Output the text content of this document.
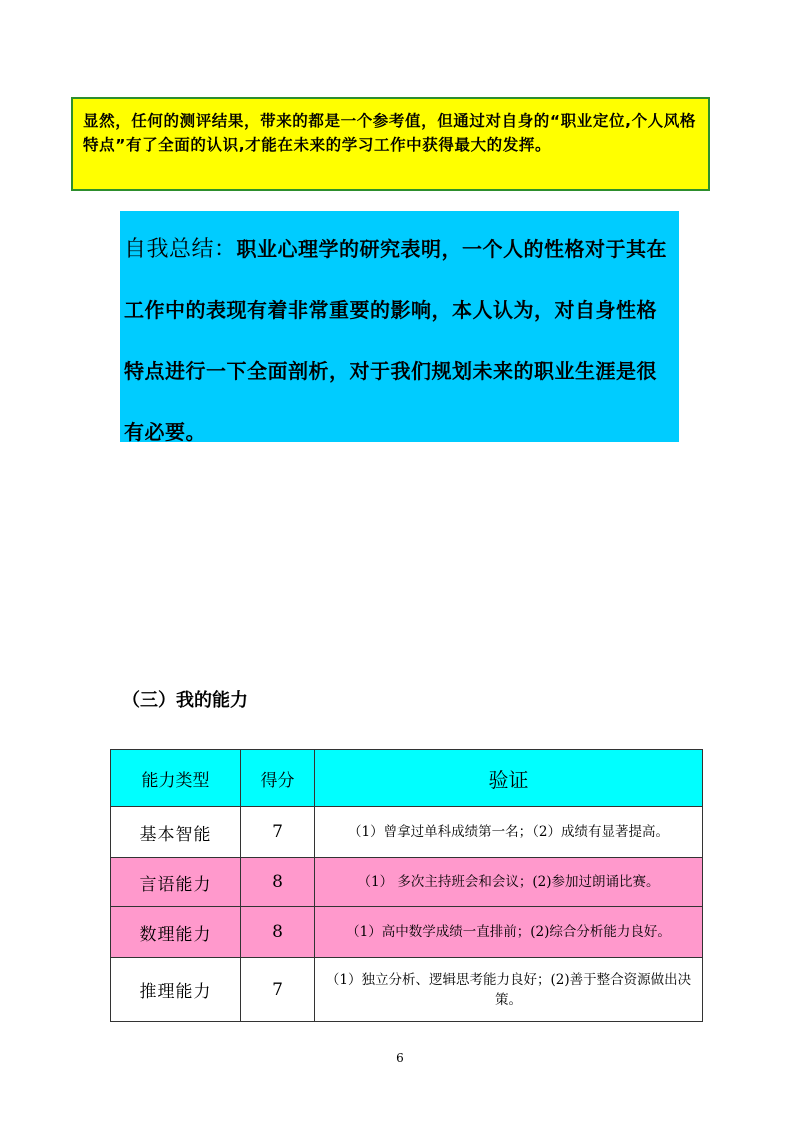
显然，任何的测评结果，带来的都是一个参考值，但通过对自身的“职业定位,个人风格特点”有了全面的认识,才能在未来的学习工作中获得最大的发挥。
自我总结：职业心理学的研究表明，一个人的性格对于其在工作中的表现有着非常重要的影响，本人认为，对自身性格特点进行一下全面剖析，对于我们规划未来的职业生涯是很有必要。
（三）我的能力
能力类型	得分	验证
基本智能	7	（1）曾拿过单科成绩第一名；（2）成绩有显著提高。
言语能力	8	（1） 多次主持班会和会议；(2)参加过朗诵比赛。
数理能力	8	（1）高中数学成绩一直排前；(2)综合分析能力良好。
推理能力	7	（1）独立分析、逻辑思考能力良好；(2)善于整合资源做出决策。
6
